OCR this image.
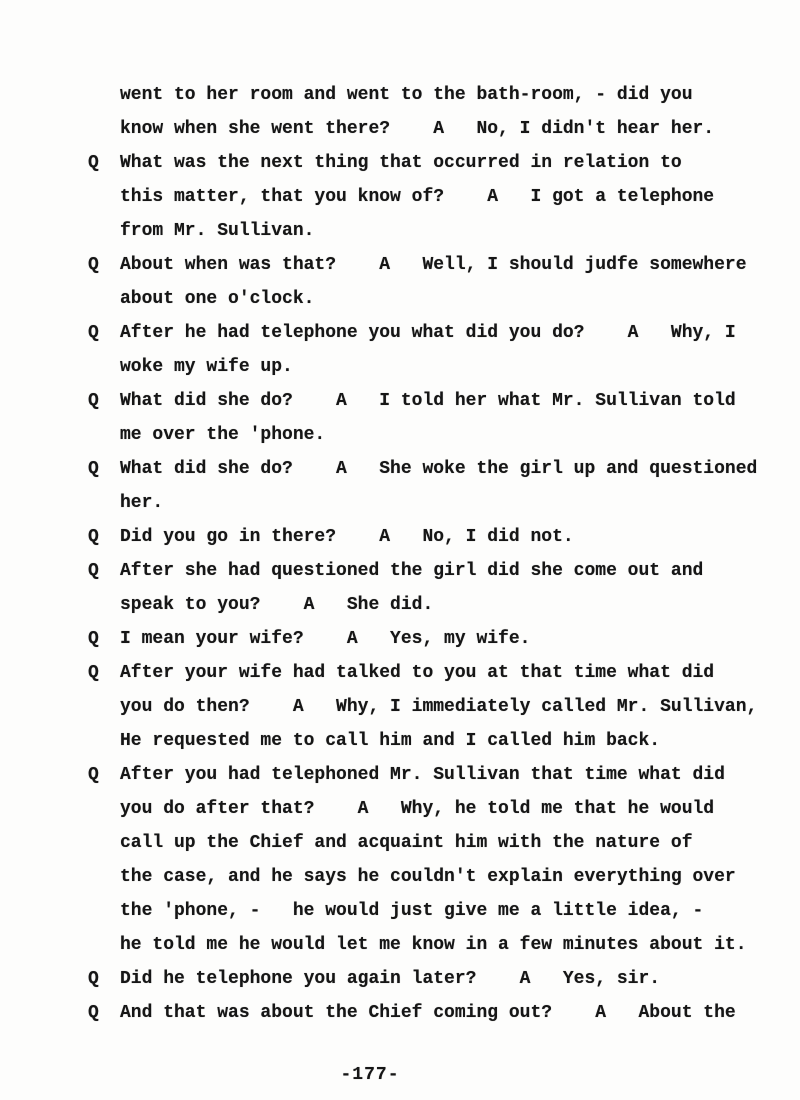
went to her room and went to the bath-room, - did you
know when she went there?    A   No, I didn't hear her.
Q	What was the next thing that occurred in relation to
this matter, that you know of?    A   I got a telephone
from Mr. Sullivan.
Q	About when was that?    A   Well, I should judfe somewhere
about one o'clock.
Q	After he had telephone you what did you do?    A   Why, I
woke my wife up.
Q	What did she do?    A   I told her what Mr. Sullivan told
me over the 'phone.
Q	What did she do?    A   She woke the girl up and questioned
her.
Q	Did you go in there?    A   No, I did not.
Q	After she had questioned the girl did she come out and
speak to you?    A   She did.
Q	I mean your wife?    A   Yes, my wife.
Q	After your wife had talked to you at that time what did
you do then?    A   Why, I immediately called Mr. Sullivan,
He requested me to call him and I called him back.
Q	After you had telephoned Mr. Sullivan that time what did
you do after that?    A   Why, he told me that he would
call up the Chief and acquaint him with the nature of
the case, and he says he couldn't explain everything over
the 'phone, -   he would just give me a little idea, -
he told me he would let me know in a few minutes about it.
Q	Did he telephone you again later?    A   Yes, sir.
Q	And that was about the Chief coming out?    A   About the
-177-
